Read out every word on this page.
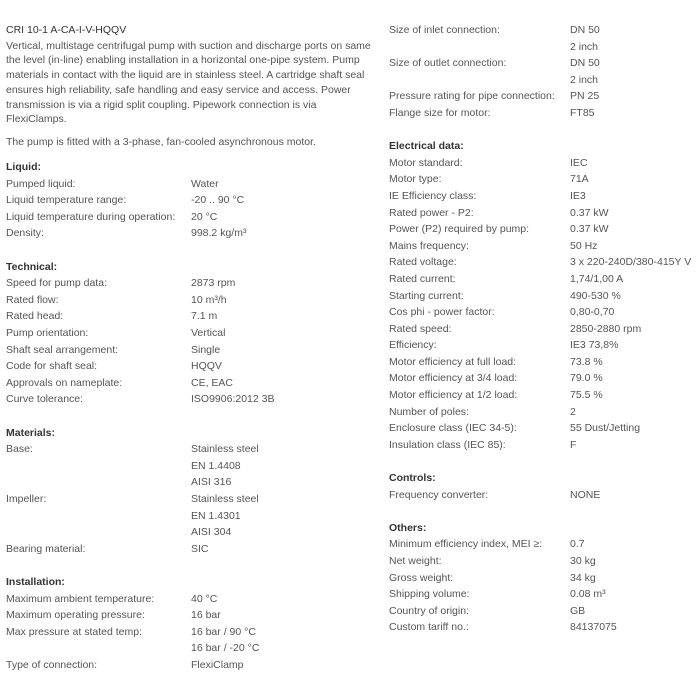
CRI 10-1 A-CA-I-V-HQQV

Vertical, multistage centrifugal pump with suction and discharge ports on same the level (in-line) enabling installation in a horizontal one-pipe system. Pump materials in contact with the liquid are in stainless steel. A cartridge shaft seal ensures high reliability, safe handling and easy service and access. Power transmission is via a rigid split coupling. Pipework connection is via FlexiClamps.

The pump is fitted with a 3-phase, fan-cooled asynchronous motor.

Liquid:
Pumped liquid:	Water
Liquid temperature range:	-20 .. 90 °C
Liquid temperature during operation:	20 °C
Density:	998.2 kg/m³
Technical:
Speed for pump data:	2873 rpm
Rated flow:	10 m³/h
Rated head:	7.1 m
Pump orientation:	Vertical
Shaft seal arrangement:	Single
Code for shaft seal:	HQQV
Approvals on nameplate:	CE, EAC
Curve tolerance:	ISO9906:2012 3B
Materials:
Base:	Stainless steel
EN 1.4408
AISI 316
Impeller:	Stainless steel
EN 1.4301
AISI 304
Bearing material:	SIC
Installation:
Maximum ambient temperature:	40 °C
Maximum operating pressure:	16 bar
Max pressure at stated temp:	16 bar / 90 °C
16 bar / -20 °C
Type of connection:	FlexiClamp
Size of inlet connection:	DN 50
2 inch
Size of outlet connection:	DN 50
2 inch
Pressure rating for pipe connection:	PN 25
Flange size for motor:	FT85
Electrical data:
Motor standard:	IEC
Motor type:	71A
IE Efficiency class:	IE3
Rated power - P2:	0.37 kW
Power (P2) required by pump:	0.37 kW
Mains frequency:	50 Hz
Rated voltage:	3 x 220-240D/380-415Y V
Rated current:	1,74/1,00 A
Starting current:	490-530 %
Cos phi - power factor:	0,80-0,70
Rated speed:	2850-2880 rpm
Efficiency:	IE3 73,8%
Motor efficiency at full load:	73.8 %
Motor efficiency at 3/4 load:	79.0 %
Motor efficiency at 1/2 load:	75.5 %
Number of poles:	2
Enclosure class (IEC 34-5):	55 Dust/Jetting
Insulation class (IEC 85):	F
Controls:
Frequency converter:	NONE
Others:
Minimum efficiency index, MEI ≥:	0.7
Net weight:	30 kg
Gross weight:	34 kg
Shipping volume:	0.08 m³
Country of origin:	GB
Custom tariff no.:	84137075
